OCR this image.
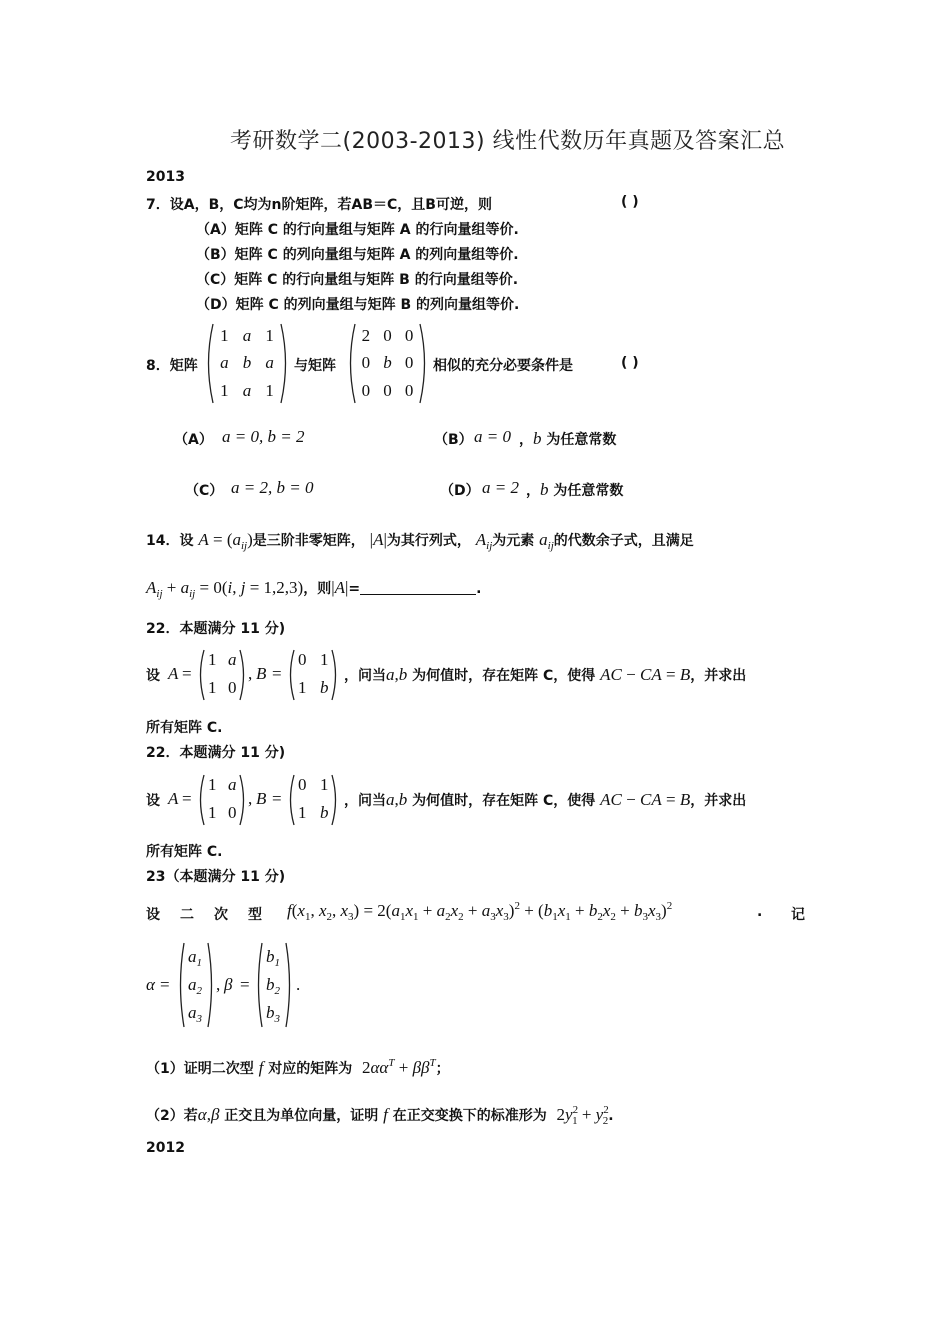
考研数学二(2003-2013) 线性代数历年真题及答案汇总
2013
7．设A，B，C均为n阶矩阵，若AB＝C，且B可逆，则	( )
（A）矩阵 C 的行向量组与矩阵 A 的行向量组等价.
（B）矩阵 C 的列向量组与矩阵 A 的列向量组等价.
（C）矩阵 C 的行向量组与矩阵 B 的行向量组等价.
（D）矩阵 C 的列向量组与矩阵 B 的列向量组等价.
8．矩阵
1 a 1
a b a
1 a 1
与矩阵
2 0 0
0 b 0
0 0 0
相似的充分必要条件是	( )
（A） a = 0, b = 2	（B） a = 0 ，b 为任意常数
（C） a = 2, b = 0	（D） a = 2 ，b 为任意常数
14．设 $A = (a_{ij})$是三阶非零矩阵， |A|为其行列式， $A_{ij}$为元素 $a_{ij}$的代数余子式，且满足
$A_{ij} + a_{ij} = 0(i$, j = 1,2,3)，则|A|=	.
22．本题满分 11 分)
设 A =
1 a
1 0
, B =
0 1
1 b
，问当a,b 为何值时，存在矩阵 C，使得 AC − CA = B，并求出
所有矩阵 C.
22．本题满分 11 分)
设 A =
1 a
1 0
, B =
0 1
1 b
，问当a,b 为何值时，存在矩阵 C，使得 AC − CA = B，并求出
所有矩阵 C.
23（本题满分 11 分)
设 二 次 型 $f(x_1$, $x_2$, $x_3) = 2(a_1x_1 + a_2x_2 + a_3x_3)^2 + (b_1x_1 + b_2x_2 + b_3x_3)^2$	. 记
α =
$a_1$
$a_2$
$a_3$
, β =
$b_1$
$b_2$
$b_3$
.
（1）证明二次型 f 对应的矩阵为 $2\alpha\alpha^T + \beta\beta^T$；
（2）若α,β 正交且为单位向量，证明 f 在正交变换下的标准形为 $2y^2_1 + y^2_2$.
2012
